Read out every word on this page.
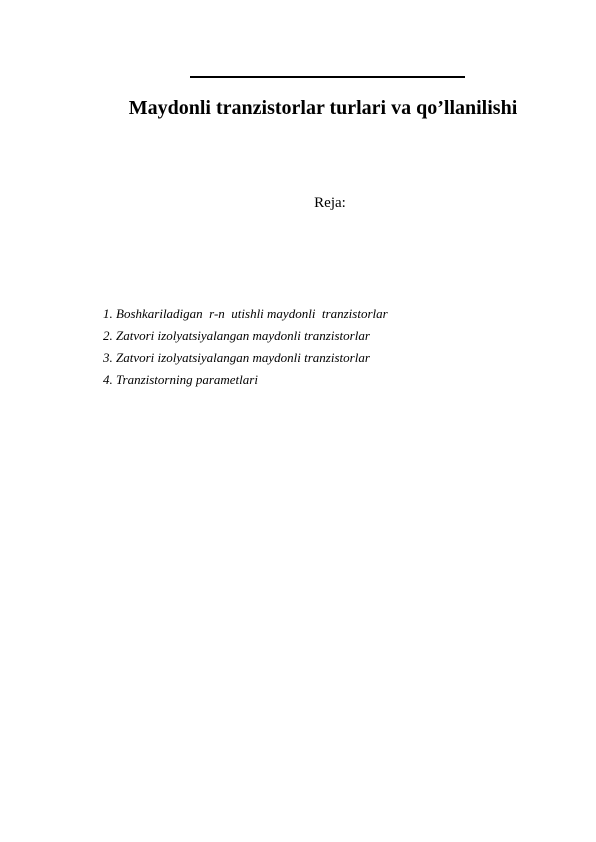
Maydonli tranzistorlar turlari va qo’llanilishi
Reja:
1. Boshkariladigan  r-n  utishli maydonli  tranzistorlar
2. Zatvori izolyatsiyalangan maydonli tranzistorlar
3. Zatvori izolyatsiyalangan maydonli tranzistorlar
4. Tranzistorning parametlari
